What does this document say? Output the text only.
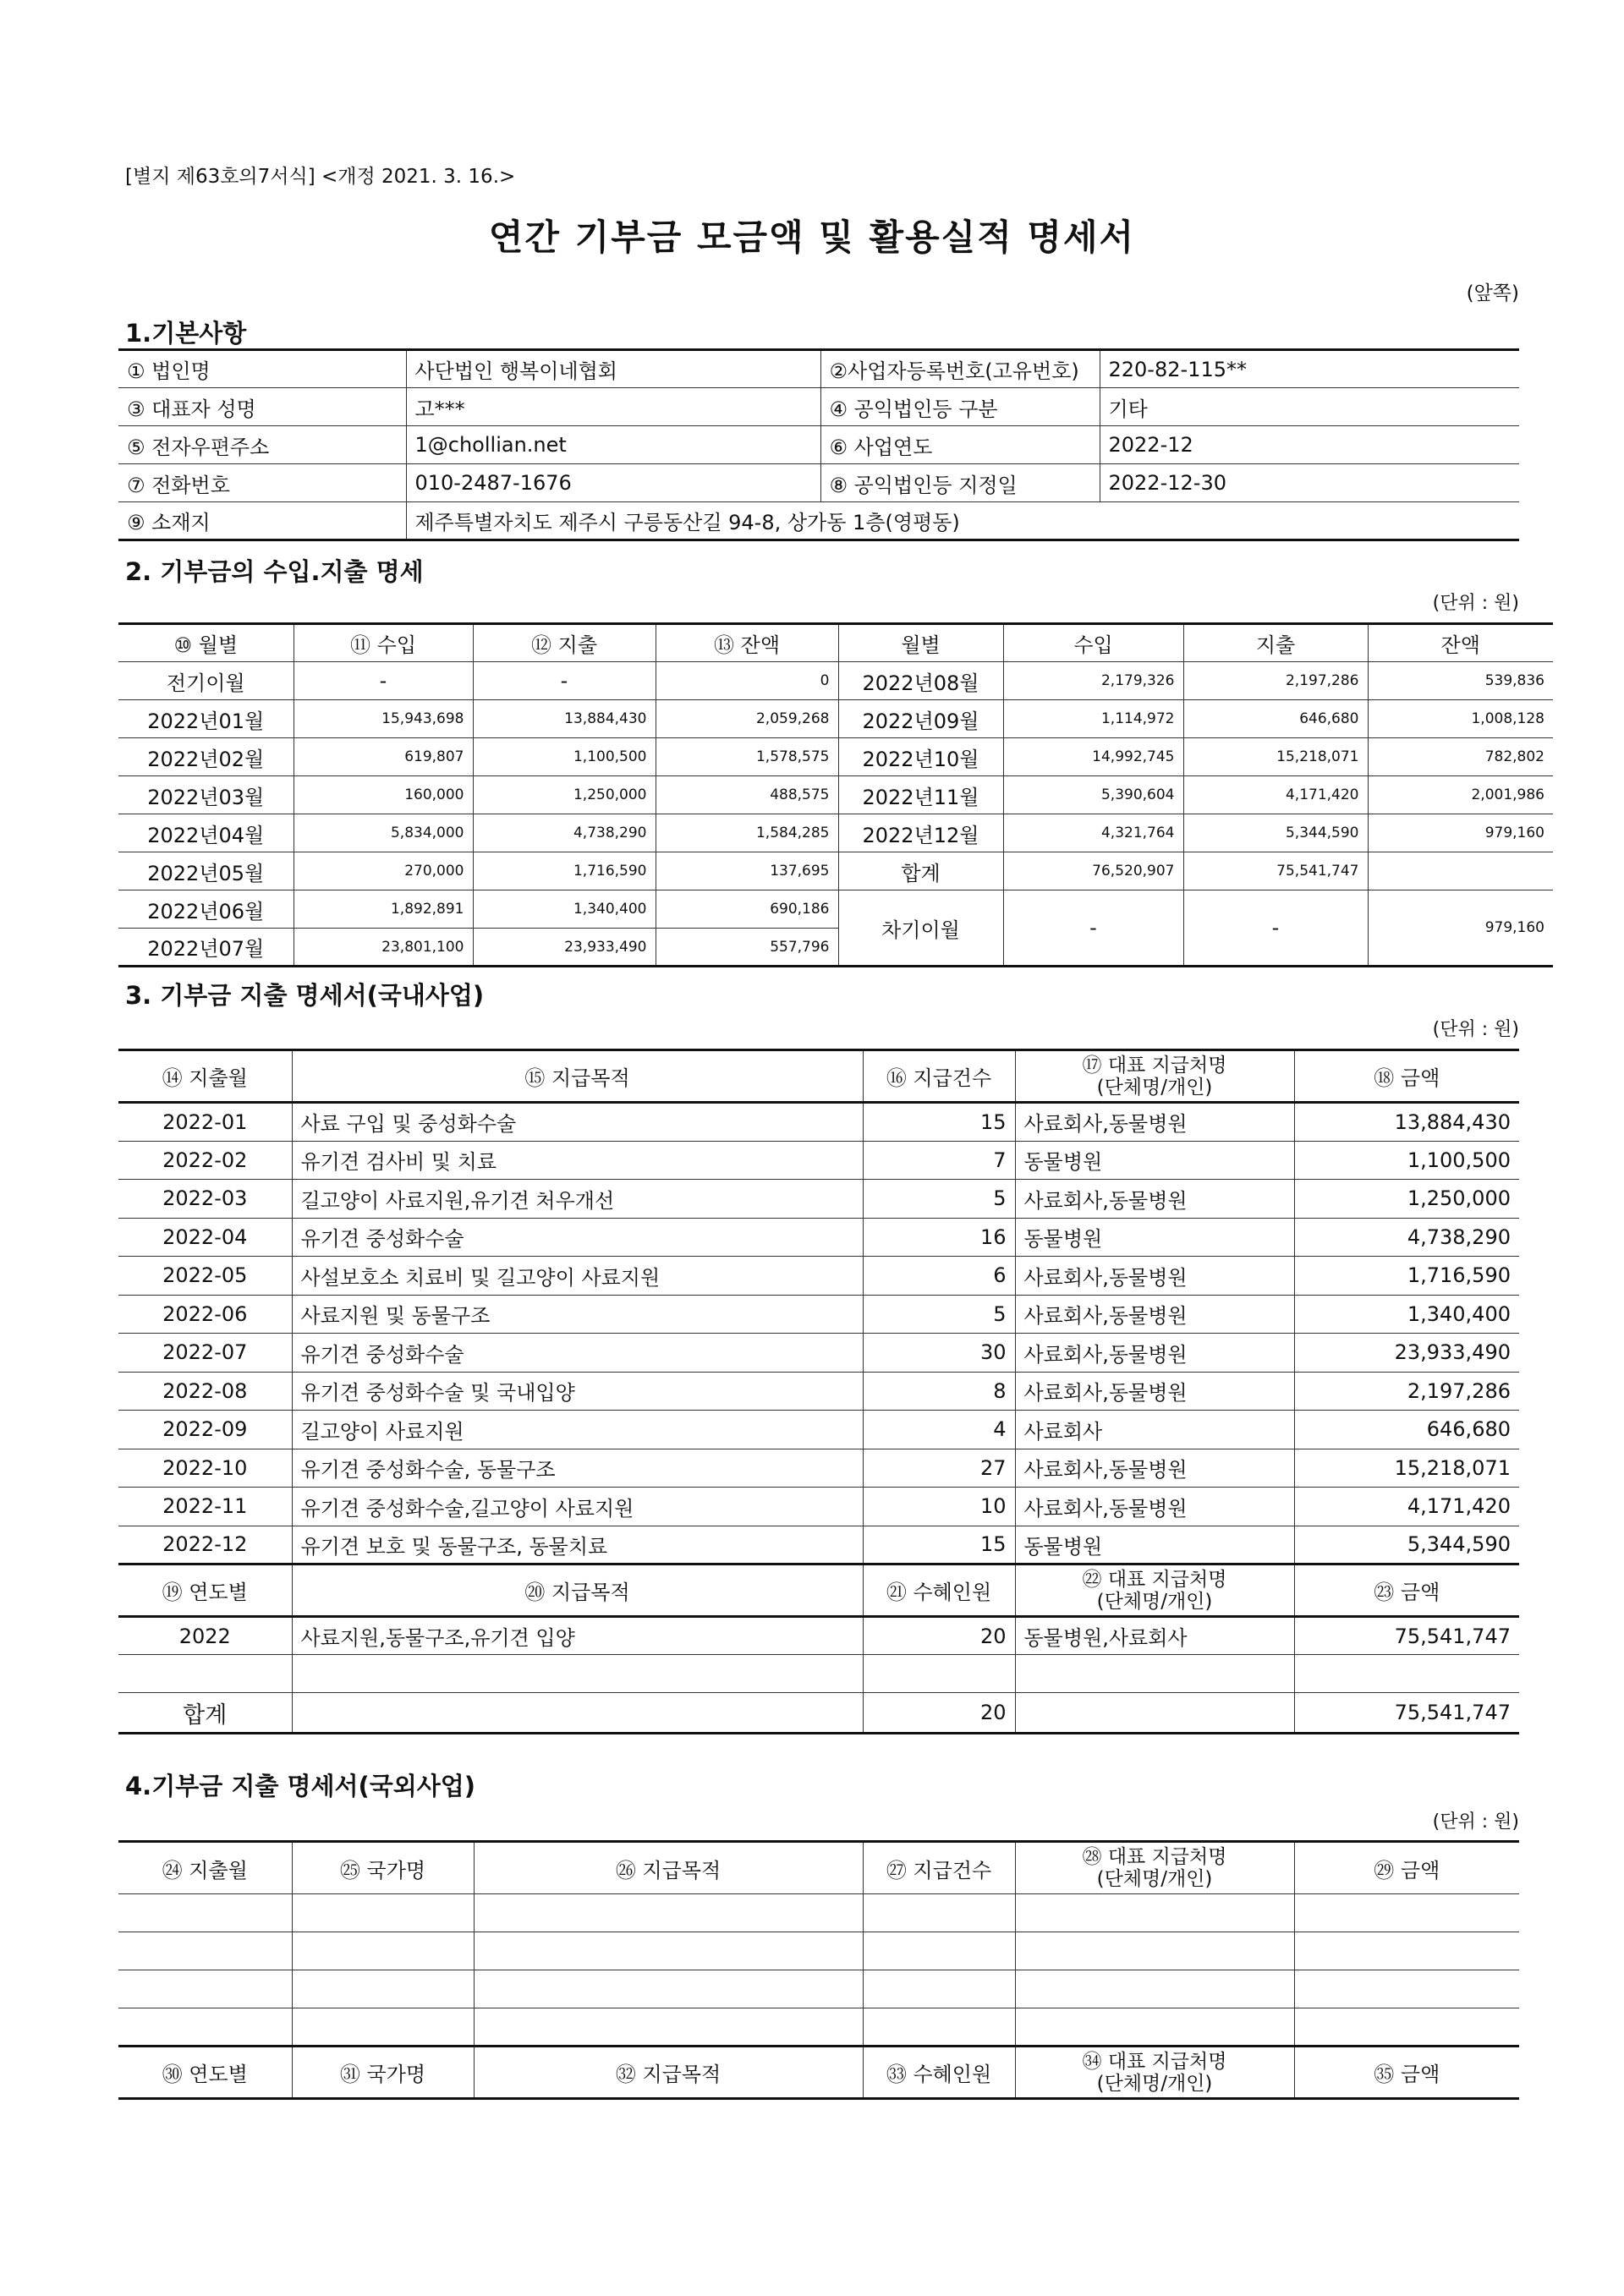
[별지 제63호의7서식] <개정 2021. 3. 16.>
연간 기부금 모금액 및 활용실적 명세서
(앞쪽)
1.기본사항
① 법인명	사단법인 행복이네협회	②사업자등록번호(고유번호)	220-82-115**
③ 대표자 성명	고***	④ 공익법인등 구분	기타
⑤ 전자우편주소	1@chollian.net	⑥ 사업연도	2022-12
⑦ 전화번호	010-2487-1676	⑧ 공익법인등 지정일	2022-12-30
⑨ 소재지	제주특별자치도 제주시 구릉동산길 94-8, 상가동 1층(영평동)		
2. 기부금의 수입.지출 명세
(단위 : 원)
⑩ 월별	⑪ 수입	⑫ 지출	⑬ 잔액	월별	수입	지출	잔액
전기이월	-	-	0	2022년08월	2,179,326	2,197,286	539,836
2022년01월	15,943,698	13,884,430	2,059,268	2022년09월	1,114,972	646,680	1,008,128
2022년02월	619,807	1,100,500	1,578,575	2022년10월	14,992,745	15,218,071	782,802
2022년03월	160,000	1,250,000	488,575	2022년11월	5,390,604	4,171,420	2,001,986
2022년04월	5,834,000	4,738,290	1,584,285	2022년12월	4,321,764	5,344,590	979,160
2022년05월	270,000	1,716,590	137,695	합계	76,520,907	75,541,747	
2022년06월	1,892,891	1,340,400	690,186	차기이월	-	-	979,160
2022년07월	23,801,100	23,933,490	557,796				
3. 기부금 지출 명세서(국내사업)
(단위 : 원)
⑭ 지출월	⑮ 지급목적	⑯ 지급건수	⑰ 대표 지급처명
(단체명/개인)	⑱ 금액
2022-01	사료 구입 및 중성화수술	15	사료회사,동물병원	13,884,430
2022-02	유기견 검사비 및 치료	7	동물병원	1,100,500
2022-03	길고양이 사료지원,유기견 처우개선	5	사료회사,동물병원	1,250,000
2022-04	유기견 중성화수술	16	동물병원	4,738,290
2022-05	사설보호소 치료비 및 길고양이 사료지원	6	사료회사,동물병원	1,716,590
2022-06	사료지원 및 동물구조	5	사료회사,동물병원	1,340,400
2022-07	유기견 중성화수술	30	사료회사,동물병원	23,933,490
2022-08	유기견 중성화수술 및 국내입양	8	사료회사,동물병원	2,197,286
2022-09	길고양이 사료지원	4	사료회사	646,680
2022-10	유기견 중성화수술, 동물구조	27	사료회사,동물병원	15,218,071
2022-11	유기견 중성화수술,길고양이 사료지원	10	사료회사,동물병원	4,171,420
2022-12	유기견 보호 및 동물구조, 동물치료	15	동물병원	5,344,590
⑲ 연도별	⑳ 지급목적	㉑ 수혜인원	㉒ 대표 지급처명
(단체명/개인)	㉓ 금액
2022	사료지원,동물구조,유기견 입양	20	동물병원,사료회사	75,541,747

합계		20		75,541,747
4.기부금 지출 명세서(국외사업)
(단위 : 원)
㉔ 지출월	㉕ 국가명	㉖ 지급목적	㉗ 지급건수	㉘ 대표 지급처명
(단체명/개인)	㉙ 금액

㉚ 연도별	㉛ 국가명	㉜ 지급목적	㉝ 수혜인원	㉞ 대표 지급처명
(단체명/개인)	㉟ 금액
